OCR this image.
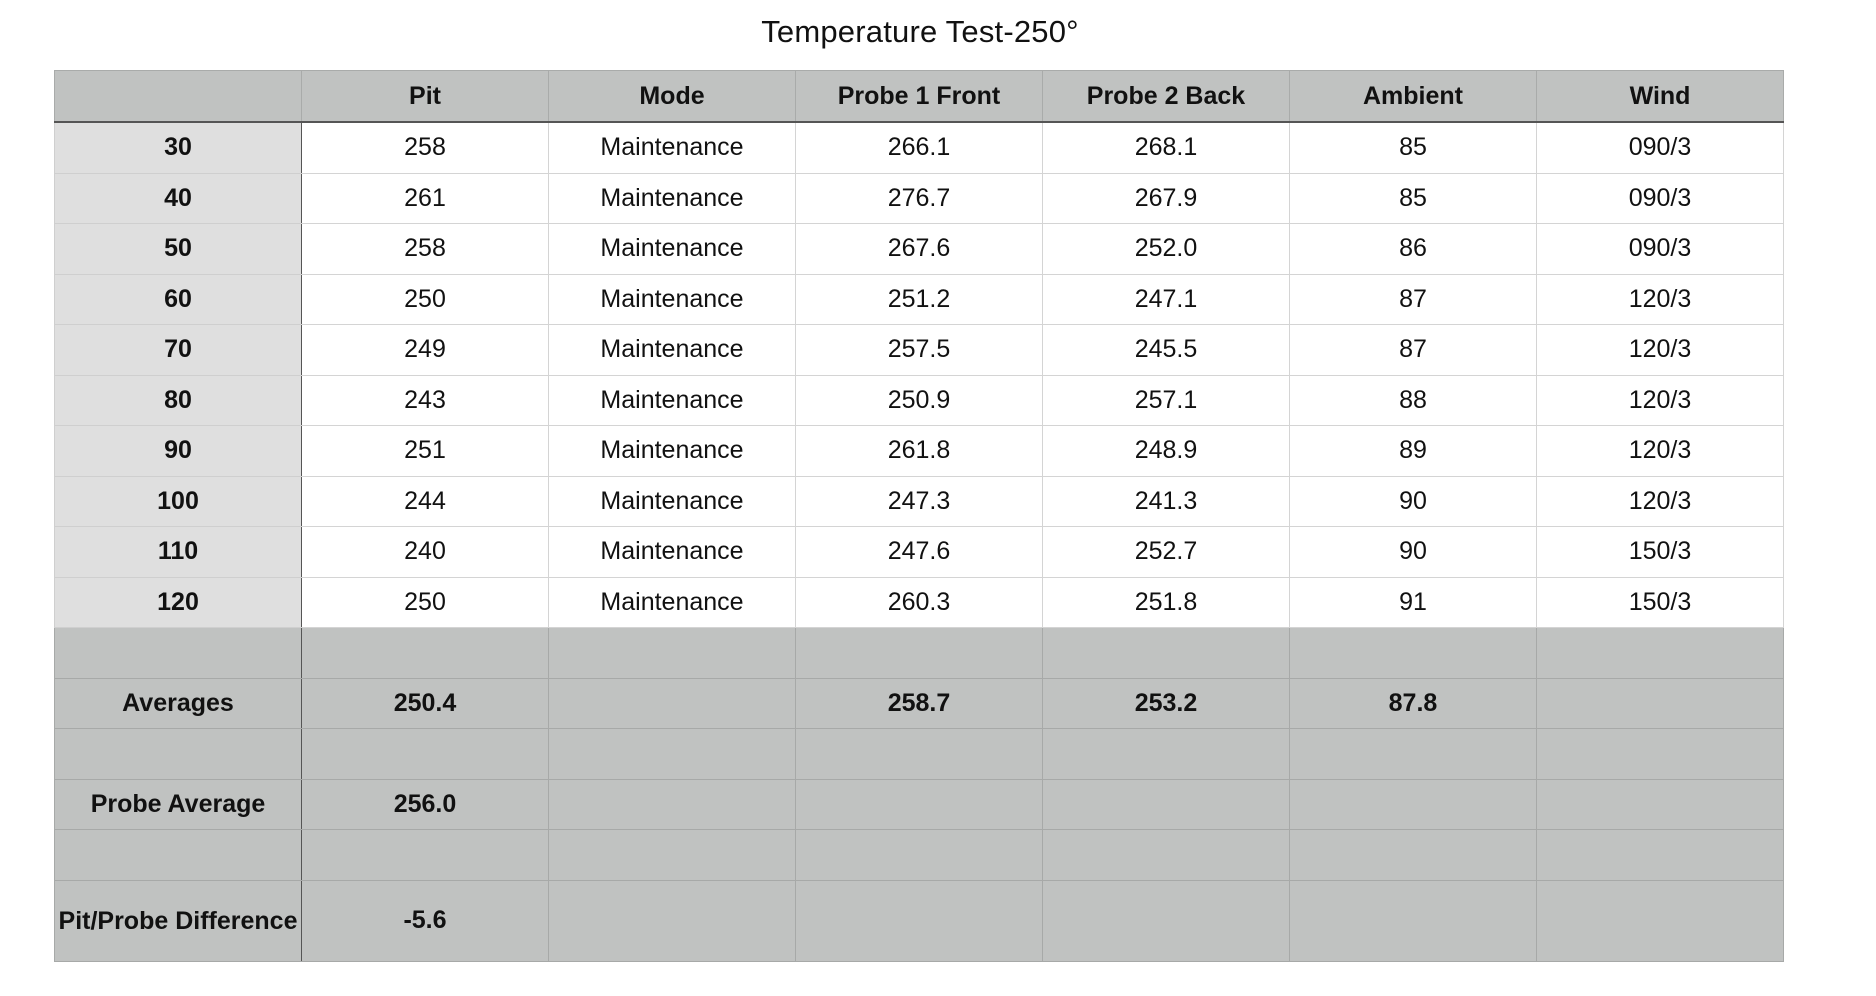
Temperature Test-250°
	Pit	Mode	Probe 1 Front	Probe 2 Back	Ambient	Wind
30	258	Maintenance	266.1	268.1	85	090/3
40	261	Maintenance	276.7	267.9	85	090/3
50	258	Maintenance	267.6	252.0	86	090/3
60	250	Maintenance	251.2	247.1	87	120/3
70	249	Maintenance	257.5	245.5	87	120/3
80	243	Maintenance	250.9	257.1	88	120/3
90	251	Maintenance	261.8	248.9	89	120/3
100	244	Maintenance	247.3	241.3	90	120/3
110	240	Maintenance	247.6	252.7	90	150/3
120	250	Maintenance	260.3	251.8	91	150/3

Averages	250.4		258.7	253.2	87.8	

Probe Average	256.0					

Pit/Probe Difference	-5.6					
